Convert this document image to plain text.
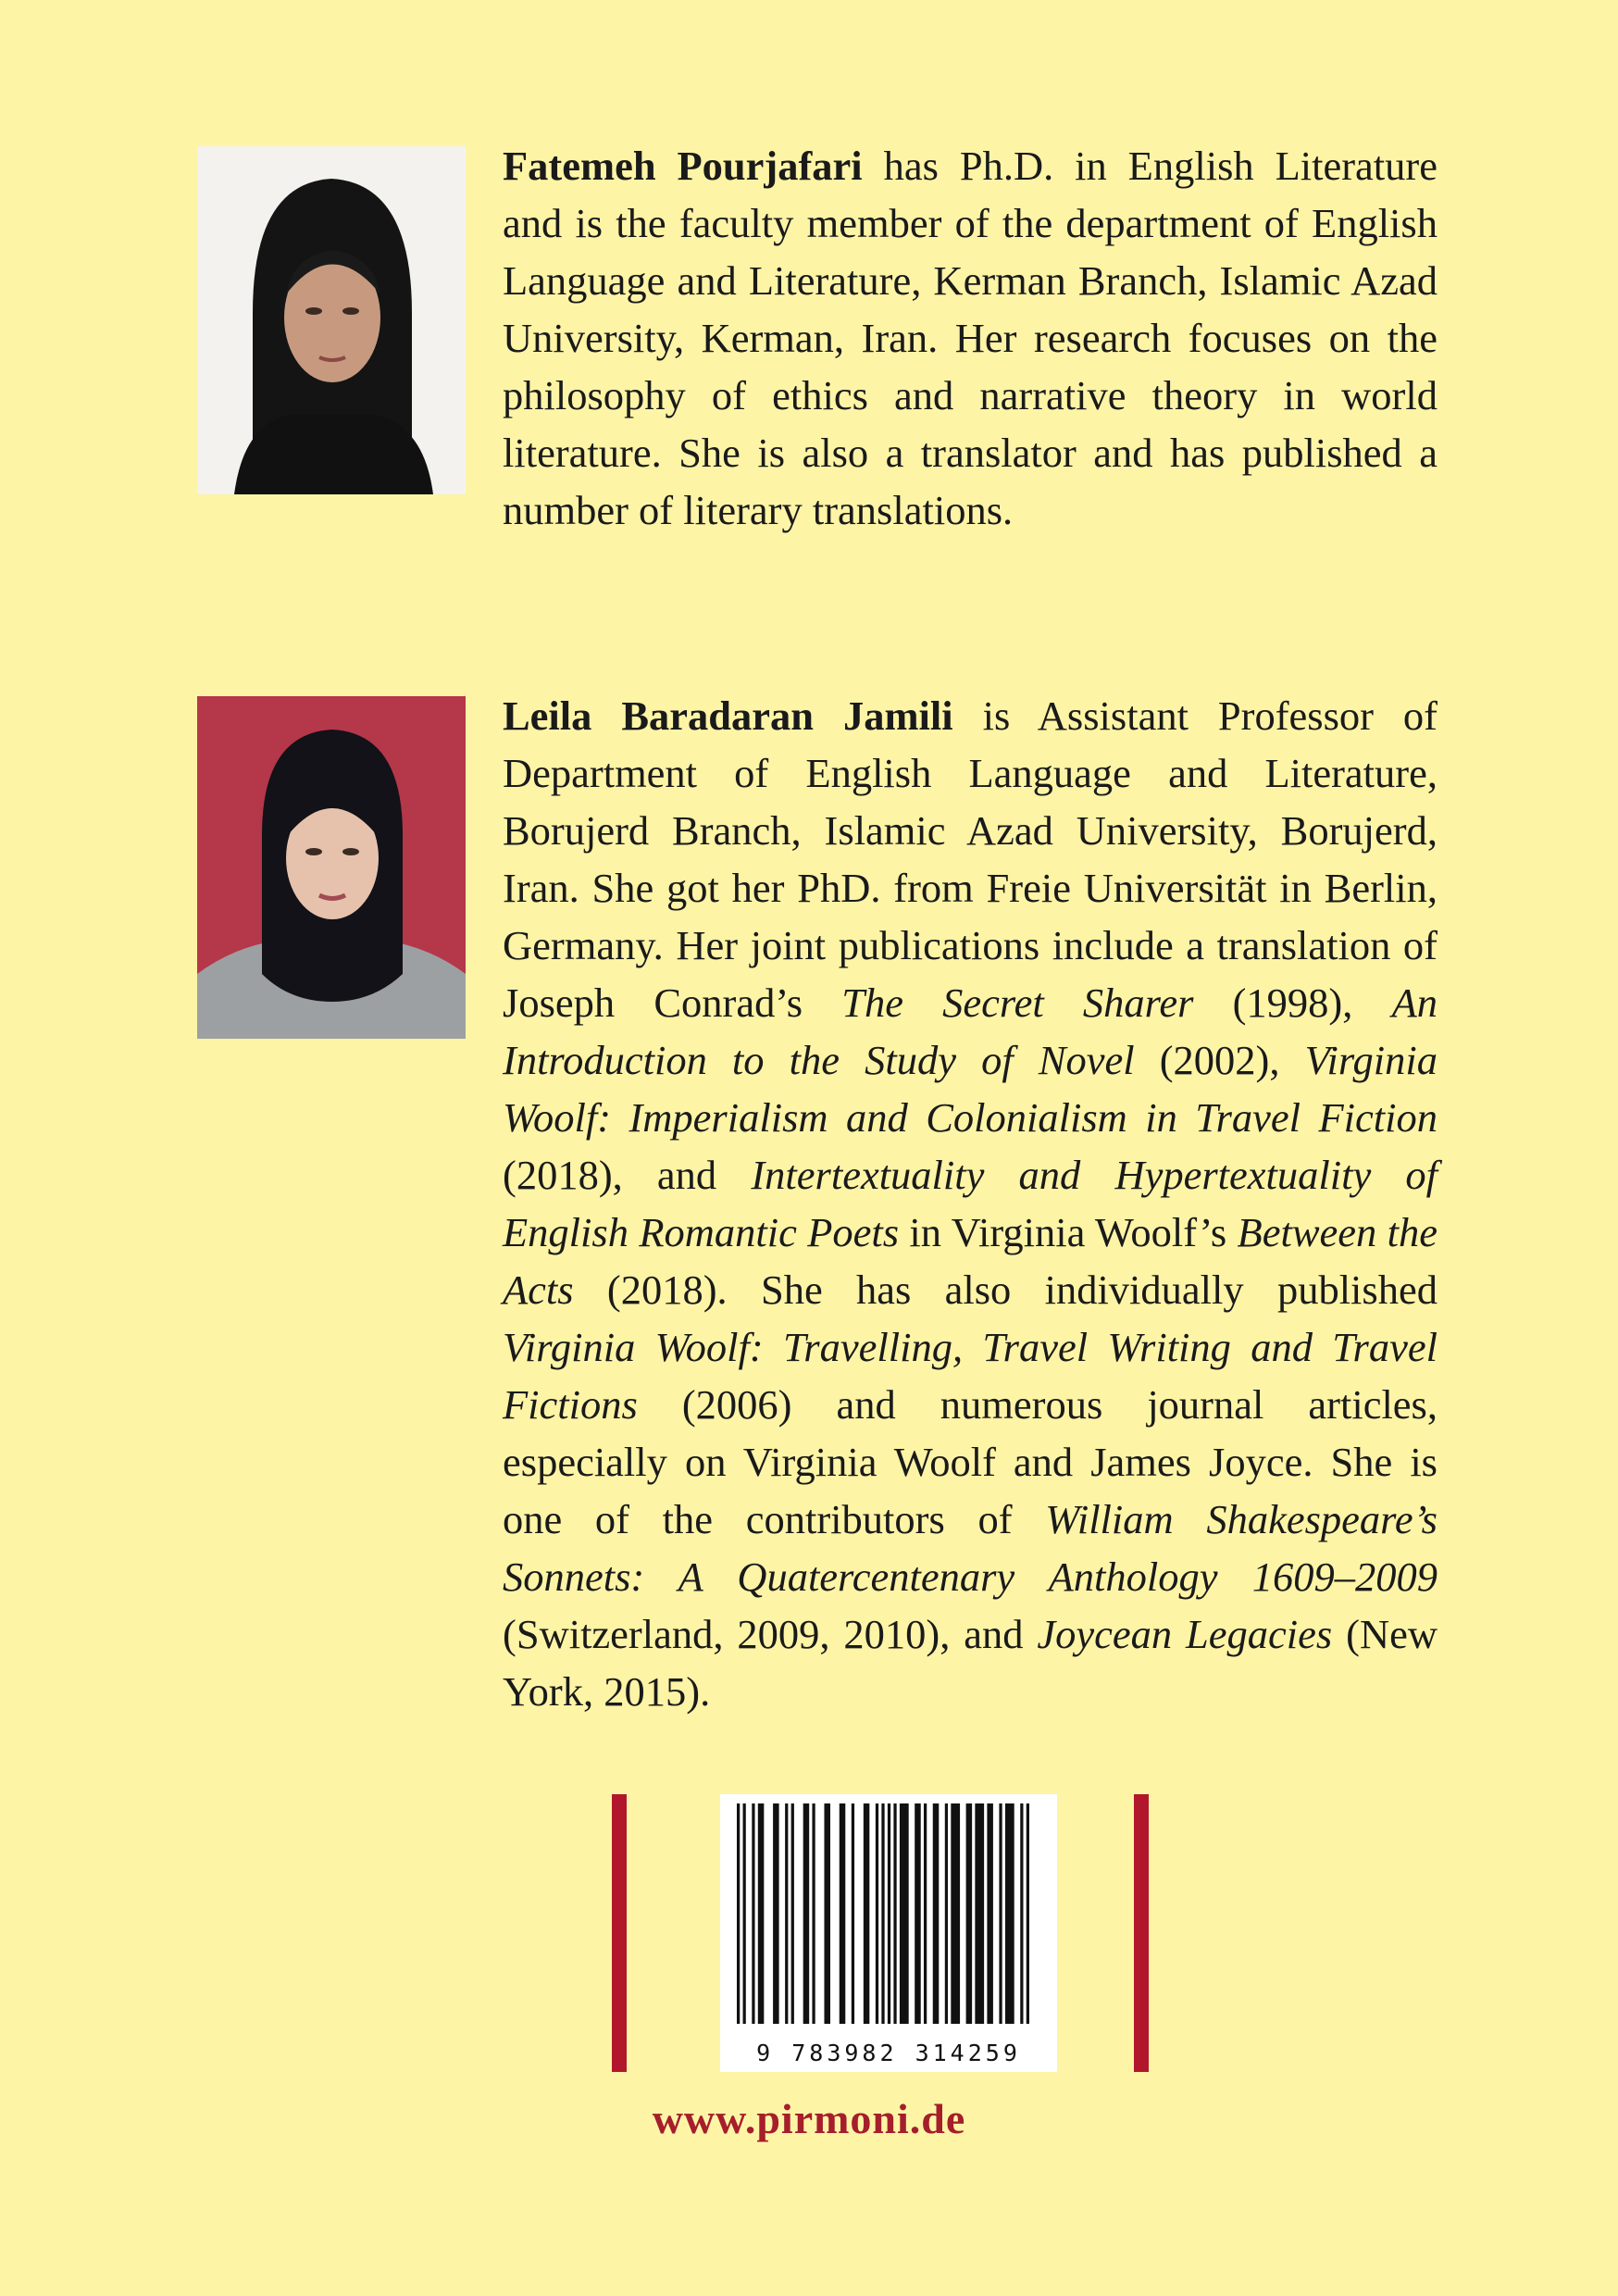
Fatemeh Pourjafari has Ph.D. in English Literature and is the faculty member of the department of English Language and Literature, Kerman Branch, Islamic Azad University, Kerman, Iran. Her research focuses on the philosophy of ethics and narrative theory in world literature. She is also a translator and has published a number of literary translations.

Leila Baradaran Jamili is Assistant Professor of Department of English Language and Literature, Borujerd Branch, Islamic Azad University, Borujerd, Iran. She got her PhD. from Freie Universität in Berlin, Germany. Her joint publications include a translation of Joseph Conrad’s The Secret Sharer (1998), An Introduction to the Study of Novel (2002), Virginia Woolf: Imperialism and Colonialism in Travel Fiction (2018), and Intertextuality and Hypertextuality of English Romantic Poets in Virginia Woolf’s Between the Acts (2018). She has also individually published Virginia Woolf: Travelling, Travel Writing and Travel Fictions (2006) and numerous journal articles, especially on Virginia Woolf and James Joyce. She is one of the contributors of William Shakespeare’s Sonnets: A Quatercentenary Anthology 1609–2009 (Switzerland, 2009, 2010), and Joycean Legacies (New York, 2015).

9 783982 314259
www.pirmoni.de
